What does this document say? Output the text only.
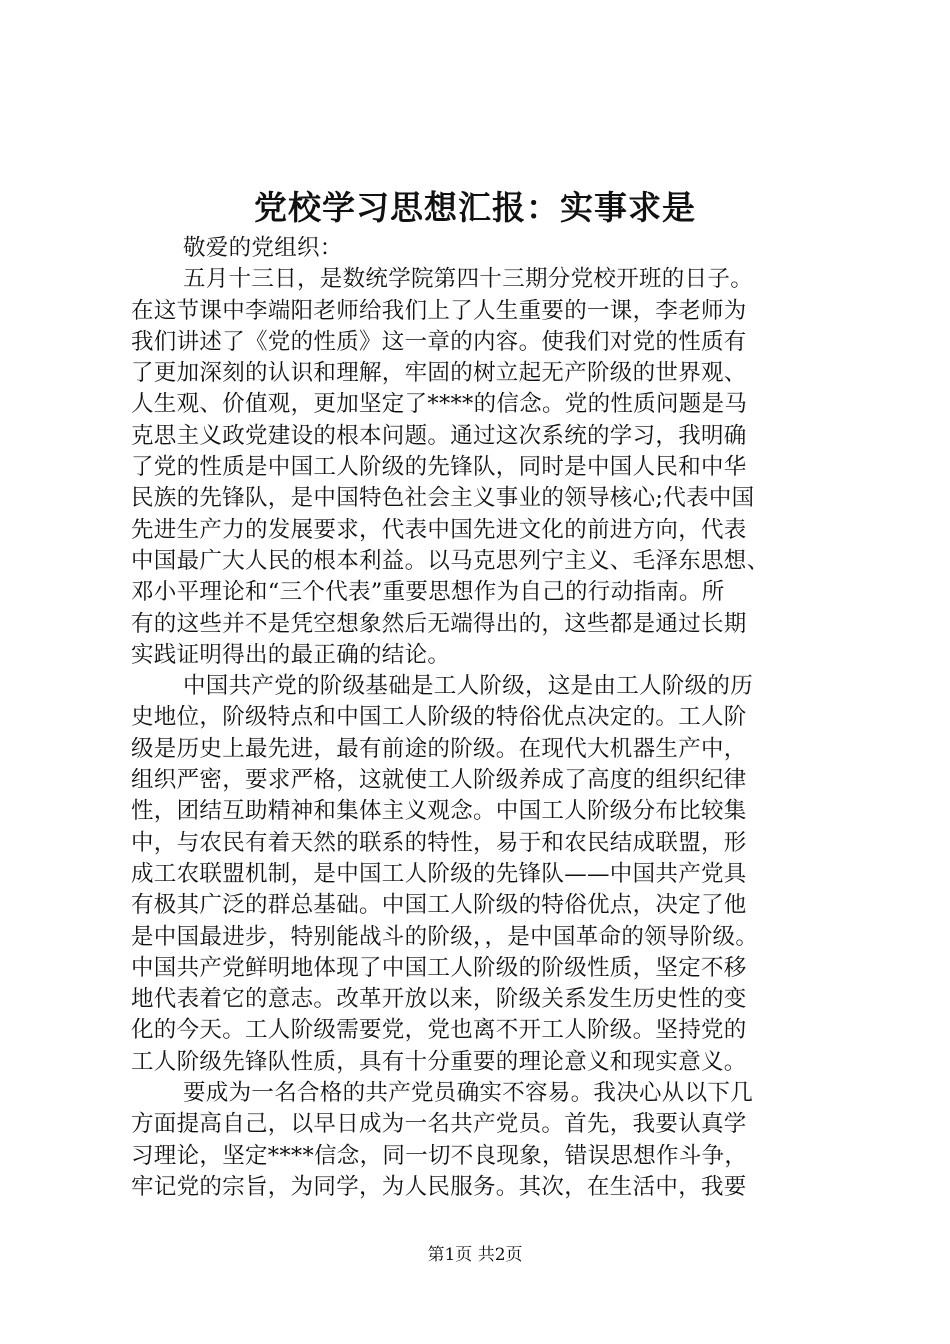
党校学习思想汇报：实事求是
敬爱的党组织：
五月十三日，是数统学院第四十三期分党校开班的日子。
在这节课中李端阳老师给我们上了人生重要的一课，李老师为
我们讲述了《党的性质》这一章的内容。使我们对党的性质有
了更加深刻的认识和理解，牢固的树立起无产阶级的世界观、
人生观、价值观，更加坚定了****的信念。党的性质问题是马
克思主义政党建设的根本问题。通过这次系统的学习，我明确
了党的性质是中国工人阶级的先锋队，同时是中国人民和中华
民族的先锋队，是中国特色社会主义事业的领导核心;代表中国
先进生产力的发展要求，代表中国先进文化的前进方向，代表
中国最广大人民的根本利益。以马克思列宁主义、毛泽东思想、
邓小平理论和“三个代表”重要思想作为自己的行动指南。所
有的这些并不是凭空想象然后无端得出的，这些都是通过长期
实践证明得出的最正确的结论。
中国共产党的阶级基础是工人阶级，这是由工人阶级的历
史地位，阶级特点和中国工人阶级的特俗优点决定的。工人阶
级是历史上最先进，最有前途的阶级。在现代大机器生产中，
组织严密，要求严格，这就使工人阶级养成了高度的组织纪律
性，团结互助精神和集体主义观念。中国工人阶级分布比较集
中，与农民有着天然的联系的特性，易于和农民结成联盟，形
成工农联盟机制，是中国工人阶级的先锋队——中国共产党具
有极其广泛的群总基础。中国工人阶级的特俗优点，决定了他
是中国最进步，特别能战斗的阶级，，是中国革命的领导阶级。
中国共产党鲜明地体现了中国工人阶级的阶级性质，坚定不移
地代表着它的意志。改革开放以来，阶级关系发生历史性的变
化的今天。工人阶级需要党，党也离不开工人阶级。坚持党的
工人阶级先锋队性质，具有十分重要的理论意义和现实意义。
要成为一名合格的共产党员确实不容易。我决心从以下几
方面提高自己，以早日成为一名共产党员。首先，我要认真学
习理论，坚定****信念，同一切不良现象，错误思想作斗争，
牢记党的宗旨，为同学，为人民服务。其次，在生活中，我要
第1页 共2页
